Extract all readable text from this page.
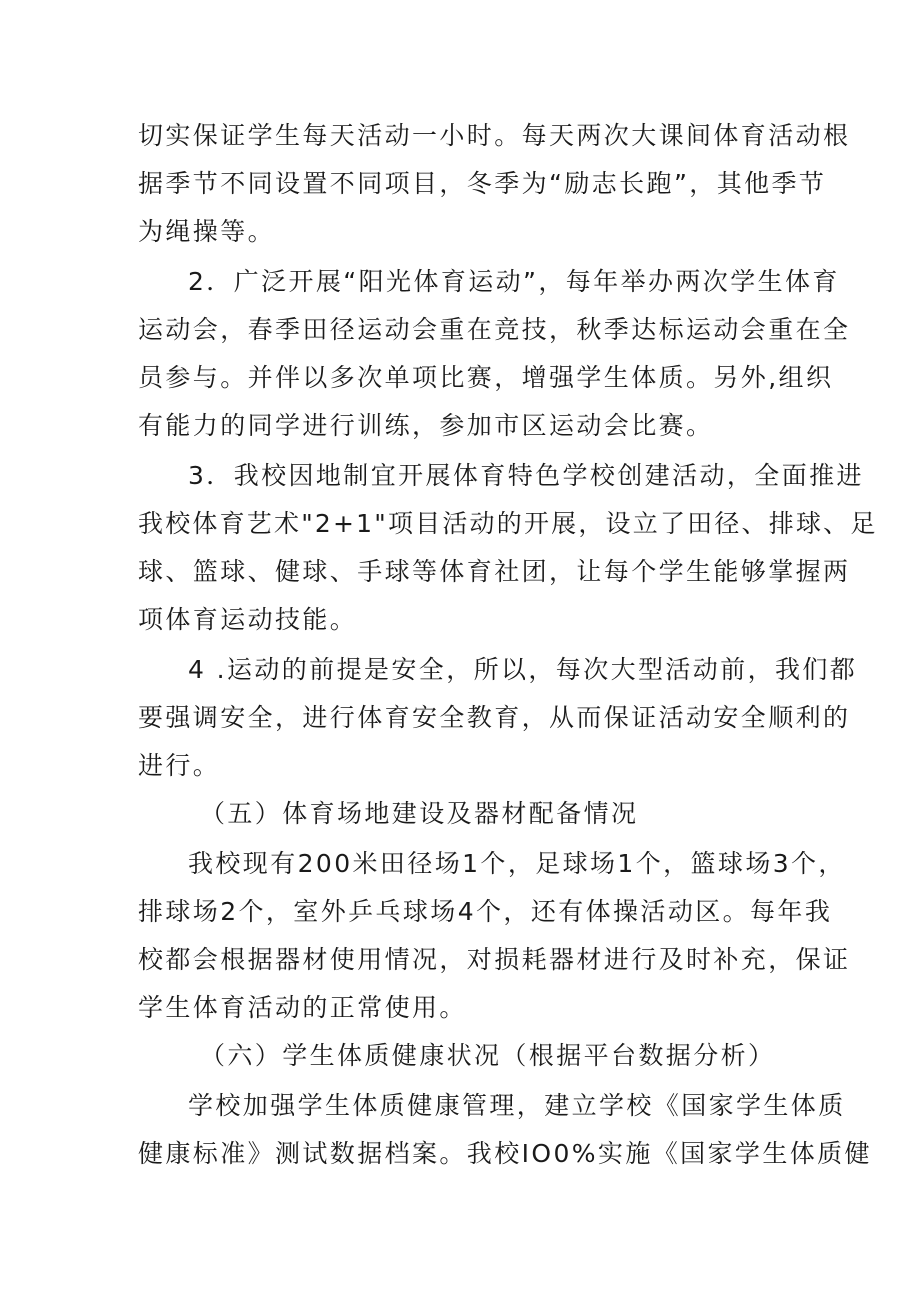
切实保证学生每天活动一小时。每天两次大课间体育活动根
据季节不同设置不同项目，冬季为“励志长跑”，其他季节
为绳操等。
2．广泛开展“阳光体育运动”，每年举办两次学生体育
运动会，春季田径运动会重在竞技，秋季达标运动会重在全
员参与。并伴以多次单项比赛，增强学生体质。另外,组织
有能力的同学进行训练，参加市区运动会比赛。
3．我校因地制宜开展体育特色学校创建活动，全面推进
我校体育艺术"2+1"项目活动的开展，设立了田径、排球、足
球、篮球、健球、手球等体育社团，让每个学生能够掌握两
项体育运动技能。
4 .运动的前提是安全，所以，每次大型活动前，我们都
要强调安全，进行体育安全教育，从而保证活动安全顺利的
进行。
（五）体育场地建设及器材配备情况
我校现有200米田径场1个，足球场1个，篮球场3个，
排球场2个，室外乒乓球场4个，还有体操活动区。每年我
校都会根据器材使用情况，对损耗器材进行及时补充，保证
学生体育活动的正常使用。
（六）学生体质健康状况（根据平台数据分析）
学校加强学生体质健康管理，建立学校《国家学生体质
健康标准》测试数据档案。我校IO0%实施《国家学生体质健
